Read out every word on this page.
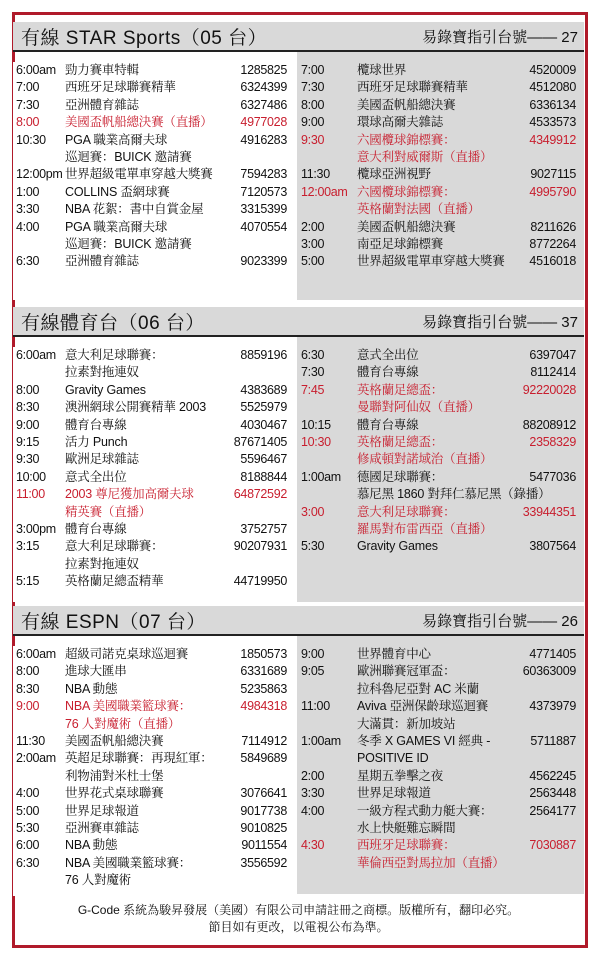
有線 STAR Sports（05 台）	易錄寶指引台號—— 27
6:00am 勁力賽車特輯	1285825
7:00	西班牙足球聯賽精華	6324399
7:30	亞洲體育雜誌	6327486
8:00	美國盃帆船總決賽（直播）	4977028
10:30	PGA 職業高爾夫球	4916283
巡迴賽：BUICK 邀請賽
12:00pm 世界超級電單車穿越大獎賽	7594283
1:00	COLLINS 盃網球賽	7120573
3:30	NBA 花絮：書中自賞金屋	3315399
4:00	PGA 職業高爾夫球	4070554
巡迴賽：BUICK 邀請賽
6:30	亞洲體育雜誌	9023399
7:00	欖球世界	4520009
7:30	西班牙足球聯賽精華	4512080
8:00	美國盃帆船總決賽	6336134
9:00	環球高爾夫雜誌	4533573
9:30	六國欖球錦標賽：	4349912
意大利對威爾斯（直播）
11:30	欖球亞洲視野	9027115
12:00am 六國欖球錦標賽：	4995790
英格蘭對法國（直播）
2:00	美國盃帆船總決賽	8211626
3:00	南亞足球錦標賽	8772264
5:00	世界超級電單車穿越大獎賽	4516018
有線體育台（06 台）	易錄寶指引台號—— 37
6:00am 意大利足球聯賽：	8859196
拉素對拖連奴
8:00	Gravity Games	4383689
8:30	澳洲網球公開賽精華 2003	5525979
9:00	體育台專線	4030467
9:15	活力 Punch	87671405
9:30	歐洲足球雜誌	5596467
10:00	意式全出位	8188844
11:00	2003 尊尼獲加高爾夫球	64872592
精英賽（直播）
3:00pm 體育台專線	3752757
3:15	意大利足球聯賽：	90207931
拉素對拖連奴
5:15	英格蘭足總盃精華	44719950
6:30	意式全出位	6397047
7:30	體育台專線	8112414
7:45	英格蘭足總盃：	92220028
曼聯對阿仙奴（直播）
10:15	體育台專線	88208912
10:30	英格蘭足總盃：	2358329
修咸頓對諾域治（直播）
1:00am	德國足球聯賽：	5477036
慕尼黑 1860 對拜仁慕尼黑（錄播）
3:00	意大利足球聯賽：	33944351
羅馬對布雷西亞（直播）
5:30	Gravity Games	3807564
有線 ESPN（07 台）	易錄寶指引台號—— 26
6:00am 超級司諾克桌球巡迴賽	1850573
8:00	進球大匯串	6331689
8:30	NBA 動態	5235863
9:00	NBA 美國職業籃球賽：	4984318
76 人對魔術（直播）
11:30	美國盃帆船總決賽	7114912
2:00am 英超足球聯賽：再現紅軍：	5849689
利物浦對米杜士堡
4:00	世界花式桌球聯賽	3076641
5:00	世界足球報道	9017738
5:30	亞洲賽車雜誌	9010825
6:00	NBA 動態	9011554
6:30	NBA 美國職業籃球賽：	3556592
76 人對魔術
9:00	世界體育中心	4771405
9:05	歐洲聯賽冠軍盃：	60363009
拉科魯尼亞對 AC 米蘭
11:00	Aviva 亞洲保齡球巡迴賽	4373979
大滿貫：新加坡站
1:00am	冬季 X GAMES VI 經典 -	5711887
POSITIVE ID
2:00	星期五拳擊之夜	4562245
3:30	世界足球報道	2563448
4:00	一級方程式動力艇大賽：	2564177
水上快艇難忘瞬間
4:30	西班牙足球聯賽：	7030887
華倫西亞對馬拉加（直播）
G-Code 系統為駿昇發展（美國）有限公司申請註冊之商標。版權所有，翻印必究。
節目如有更改，以電視公布為準。
